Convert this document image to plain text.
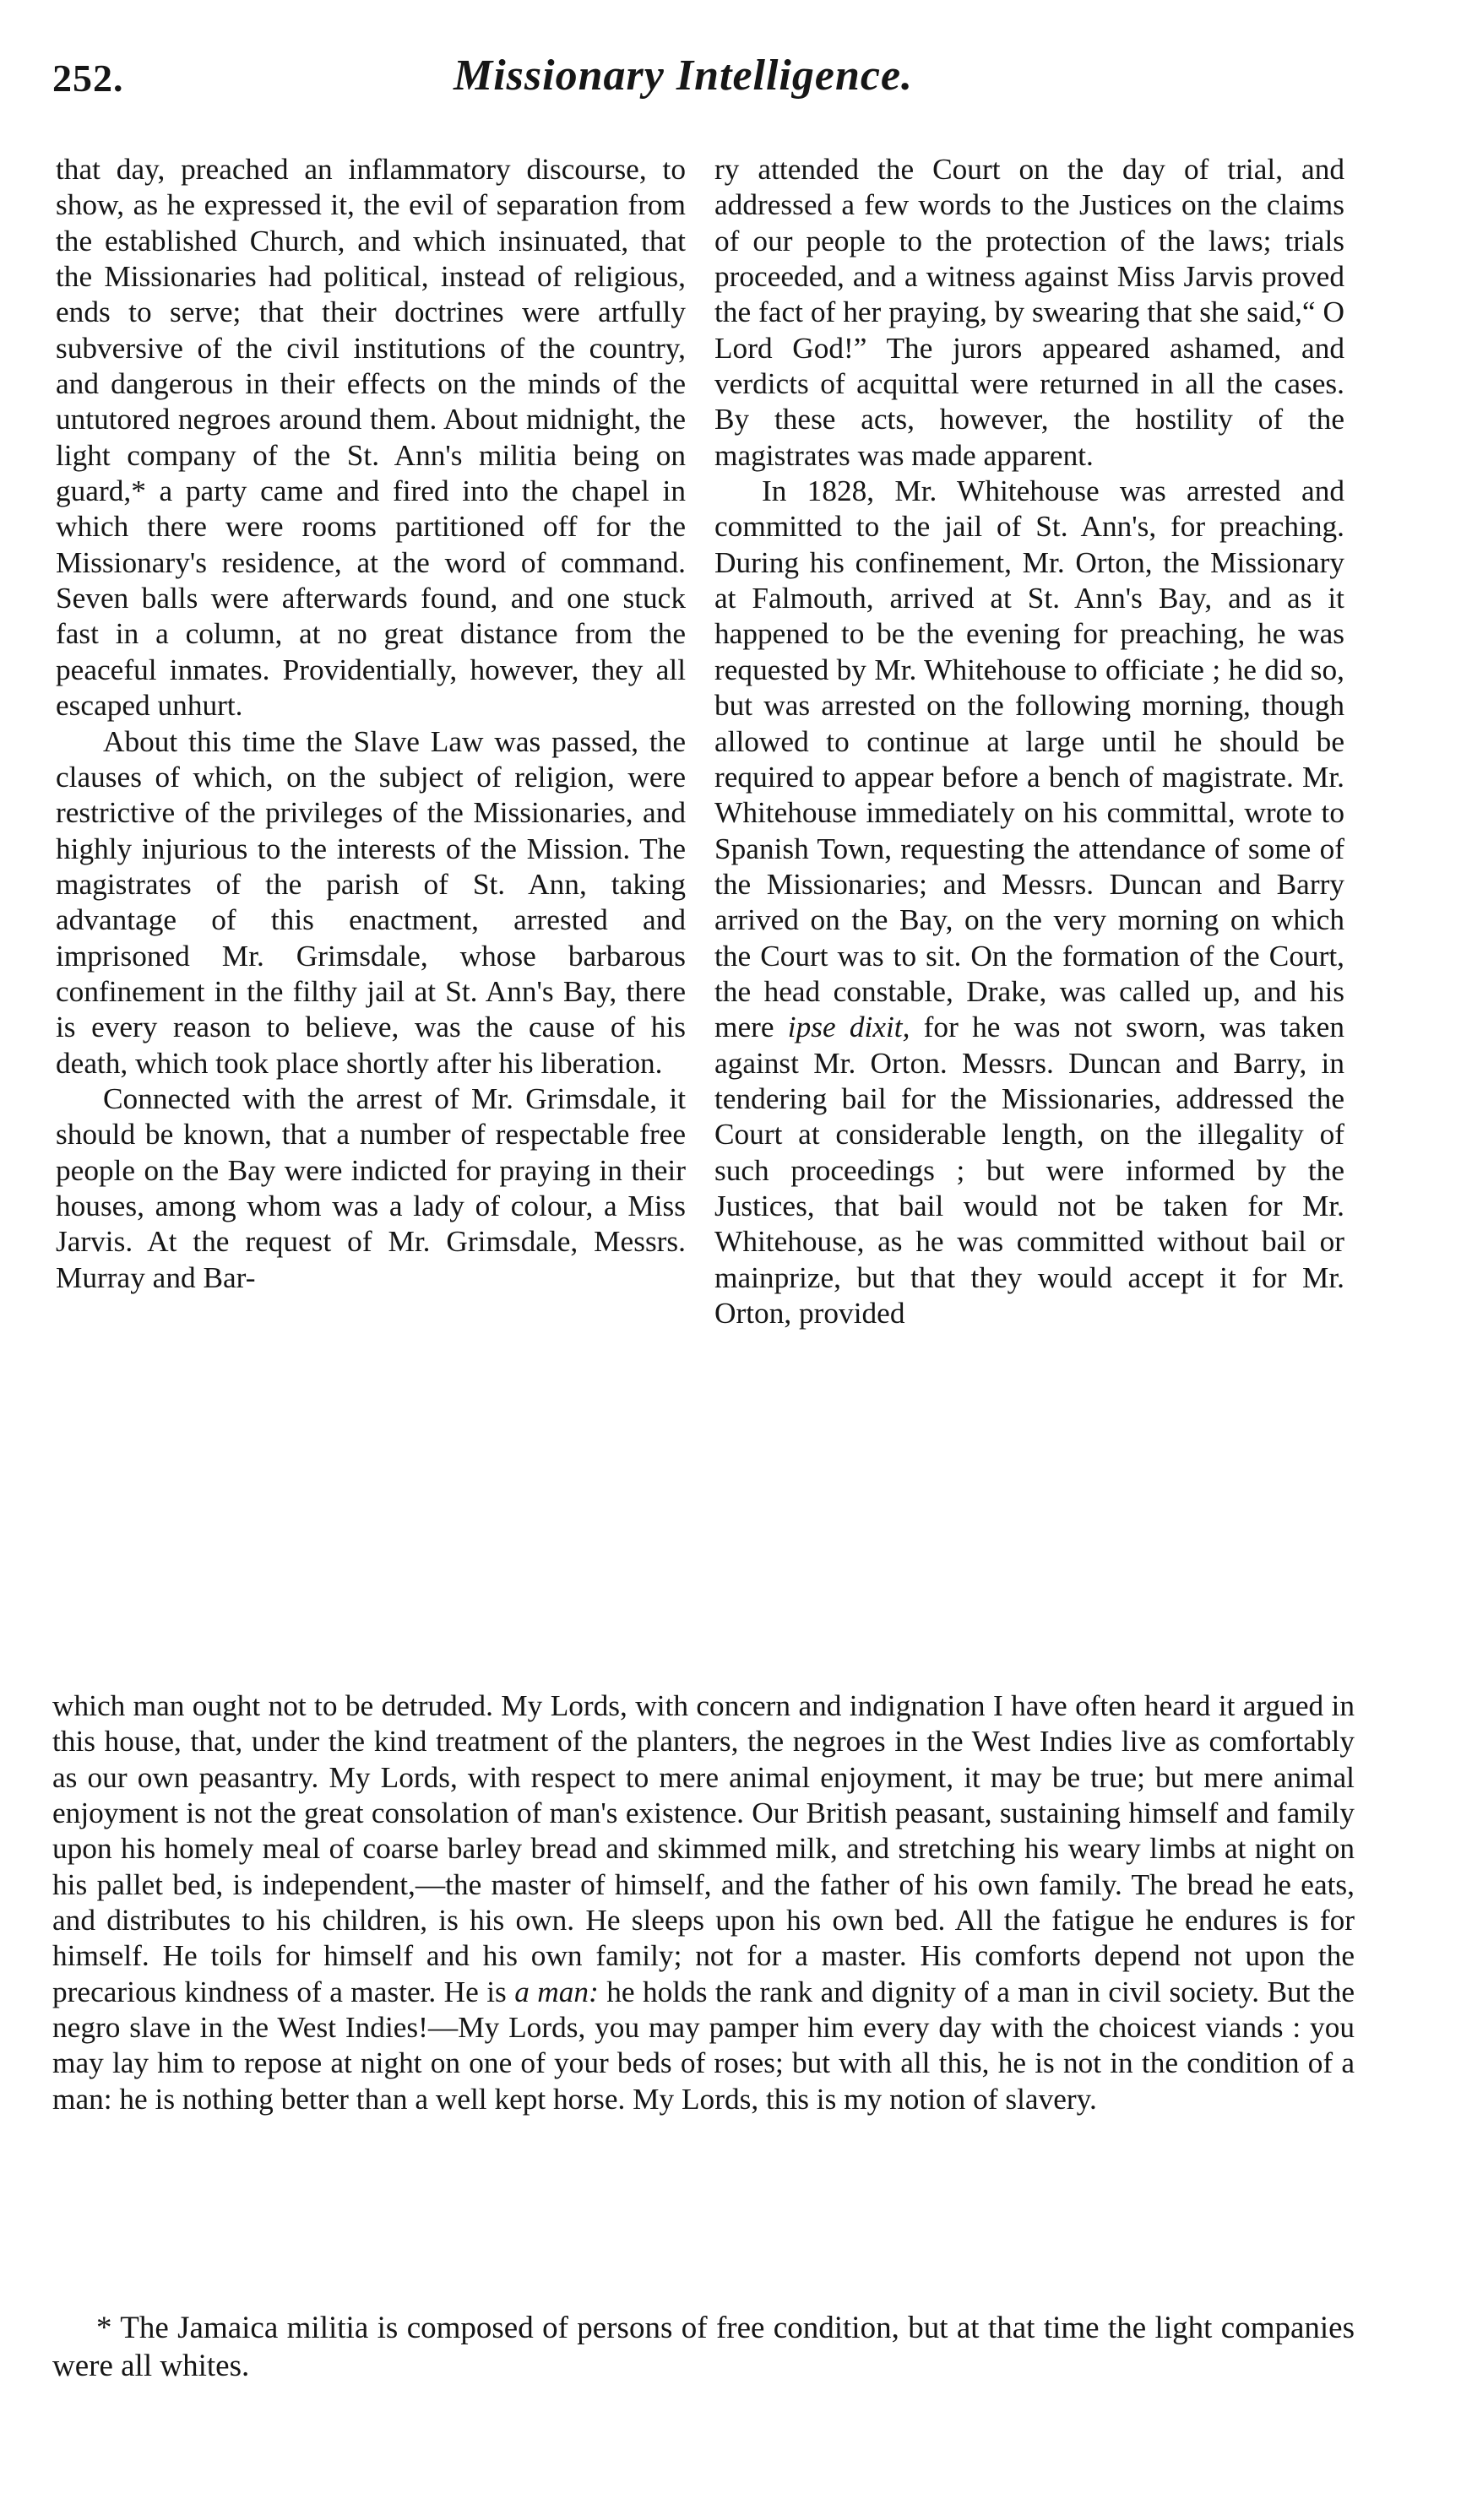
252.	Missionary Intelligence.

that day, preached an inflammatory discourse, to show, as he expressed it, the evil of separation from the established Church, and which insinuated, that the Missionaries had political, instead of religious, ends to serve; that their doctrines were artfully subversive of the civil institutions of the country, and dangerous in their effects on the minds of the untutored negroes around them. About midnight, the light company of the St. Ann's militia being on guard,* a party came and fired into the chapel in which there were rooms partitioned off for the Missionary's residence, at the word of command. Seven balls were afterwards found, and one stuck fast in a column, at no great distance from the peaceful inmates. Providentially, however, they all escaped unhurt.

About this time the Slave Law was passed, the clauses of which, on the subject of religion, were restrictive of the privileges of the Missionaries, and highly injurious to the interests of the Mission. The magistrates of the parish of St. Ann, taking advantage of this enactment, arrested and imprisoned Mr. Grimsdale, whose barbarous confinement in the filthy jail at St. Ann's Bay, there is every reason to believe, was the cause of his death, which took place shortly after his liberation.

Connected with the arrest of Mr. Grimsdale, it should be known, that a number of respectable free people on the Bay were indicted for praying in their houses, among whom was a lady of colour, a Miss Jarvis. At the request of Mr. Grimsdale, Messrs. Murray and Bar-

ry attended the Court on the day of trial, and addressed a few words to the Justices on the claims of our people to the protection of the laws; trials proceeded, and a witness against Miss Jarvis proved the fact of her praying, by swearing that she said,“ O Lord God!” The jurors appeared ashamed, and verdicts of acquittal were returned in all the cases. By these acts, however, the hostility of the magistrates was made apparent.

In 1828, Mr. Whitehouse was arrested and committed to the jail of St. Ann's, for preaching. During his confinement, Mr. Orton, the Missionary at Falmouth, arrived at St. Ann's Bay, and as it happened to be the evening for preaching, he was requested by Mr. Whitehouse to officiate ; he did so, but was arrested on the following morning, though allowed to continue at large until he should be required to appear before a bench of magistrate. Mr. Whitehouse immediately on his committal, wrote to Spanish Town, requesting the attendance of some of the Missionaries; and Messrs. Duncan and Barry arrived on the Bay, on the very morning on which the Court was to sit. On the formation of the Court, the head constable, Drake, was called up, and his mere ipse dixit, for he was not sworn, was taken against Mr. Orton. Messrs. Duncan and Barry, in tendering bail for the Missionaries, addressed the Court at considerable length, on the illegality of such proceedings ; but were informed by the Justices, that bail would not be taken for Mr. Whitehouse, as he was committed without bail or mainprize, but that they would accept it for Mr. Orton, provided

which man ought not to be detruded. My Lords, with concern and indignation I have often heard it argued in this house, that, under the kind treatment of the planters, the negroes in the West Indies live as comfortably as our own peasantry. My Lords, with respect to mere animal enjoyment, it may be true; but mere animal enjoyment is not the great consolation of man's existence. Our British peasant, sustaining himself and family upon his homely meal of coarse barley bread and skimmed milk, and stretching his weary limbs at night on his pallet bed, is independent,—the master of himself, and the father of his own family. The bread he eats, and distributes to his children, is his own. He sleeps upon his own bed. All the fatigue he endures is for himself. He toils for himself and his own family; not for a master. His comforts depend not upon the precarious kindness of a master. He is a man: he holds the rank and dignity of a man in civil society. But the negro slave in the West Indies!—My Lords, you may pamper him every day with the choicest viands : you may lay him to repose at night on one of your beds of roses; but with all this, he is not in the condition of a man: he is nothing better than a well kept horse. My Lords, this is my notion of slavery.

* The Jamaica militia is composed of persons of free condition, but at that time the light companies were all whites.
